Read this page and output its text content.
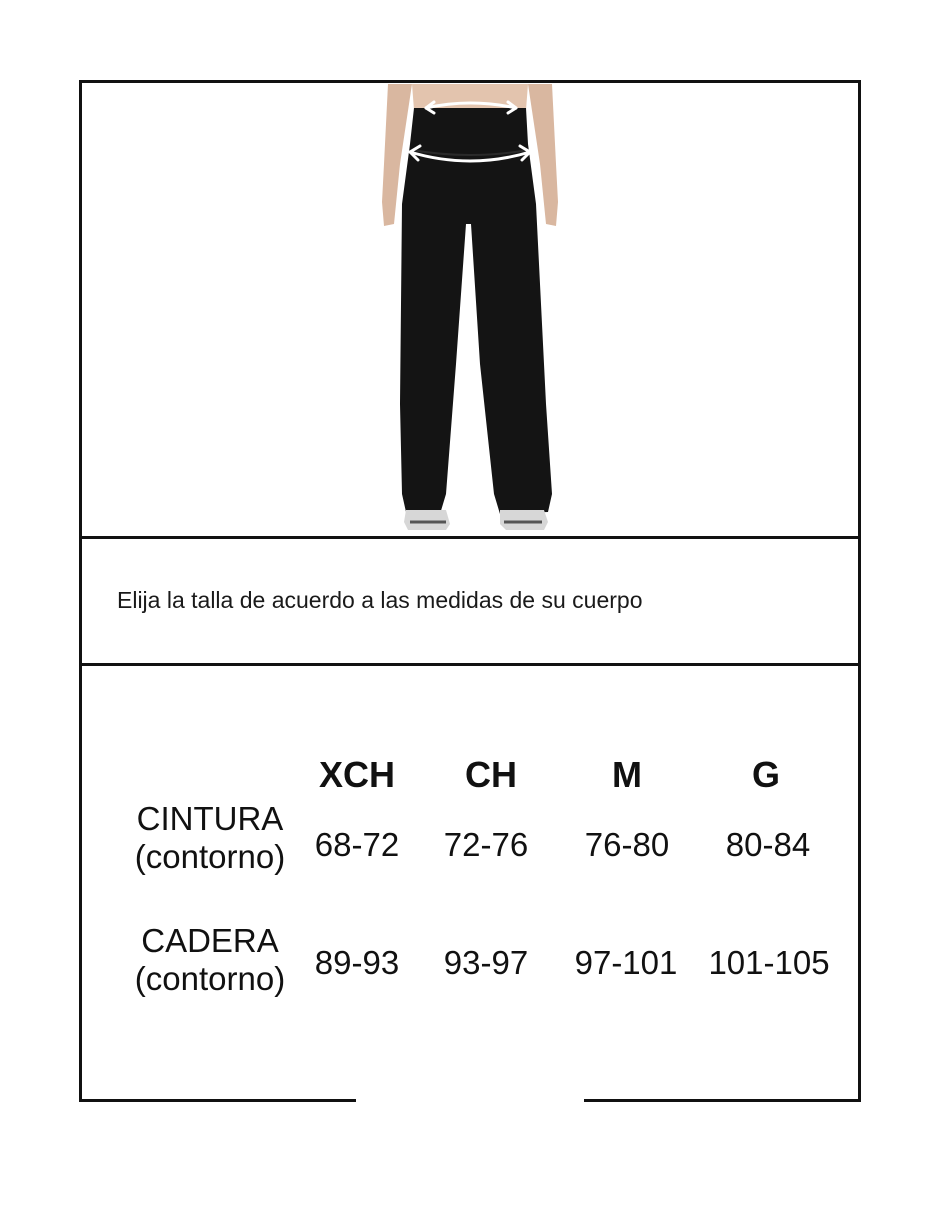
Elija la talla de acuerdo a las medidas de su cuerpo
XCH	CH	M	G
CINTURA
(contorno) 68-72	72-76	76-80	80-84
CADERA
(contorno) 89-93	93-97	97-101 101-105
